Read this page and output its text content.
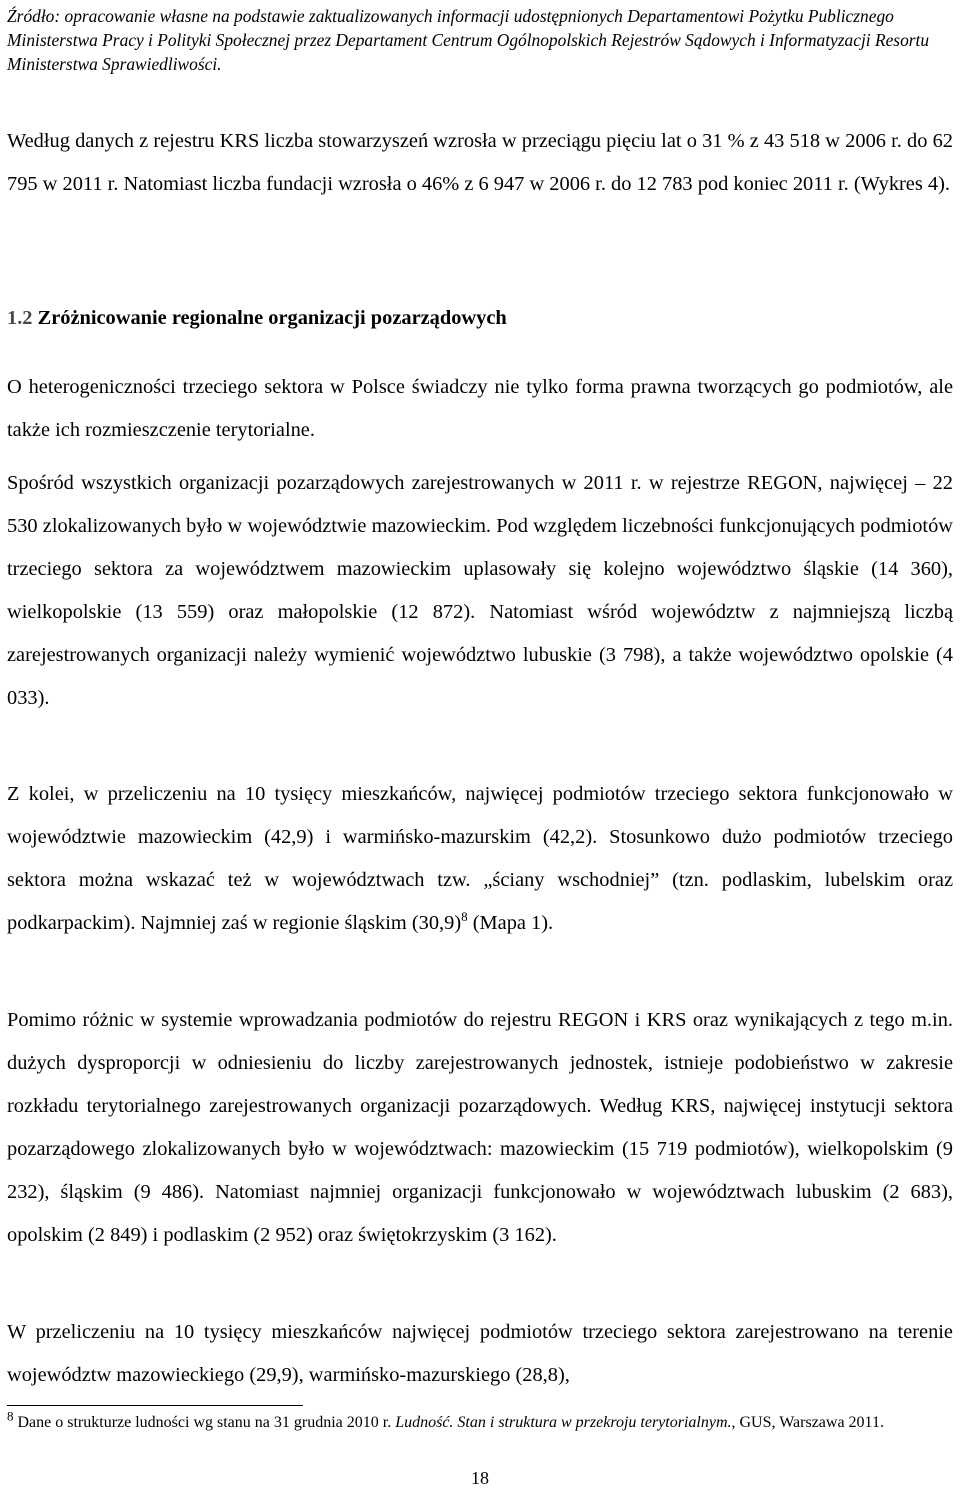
Źródło: opracowanie własne na podstawie zaktualizowanych informacji udostępnionych Departamentowi Pożytku Publicznego Ministerstwa Pracy i Polityki Społecznej przez Departament Centrum Ogólnopolskich Rejestrów Sądowych i Informatyzacji Resortu Ministerstwa Sprawiedliwości.

Według danych z rejestru KRS liczba stowarzyszeń wzrosła w przeciągu pięciu lat o 31 % z 43 518 w 2006 r. do 62 795 w 2011 r. Natomiast liczba fundacji wzrosła o 46% z 6 947 w 2006 r. do 12 783 pod koniec 2011 r. (Wykres 4).

1.2 Zróżnicowanie regionalne organizacji pozarządowych

O heterogeniczności trzeciego sektora w Polsce świadczy nie tylko forma prawna tworzących go podmiotów, ale także ich rozmieszczenie terytorialne.

Spośród wszystkich organizacji pozarządowych zarejestrowanych w 2011 r. w rejestrze REGON, najwięcej – 22 530 zlokalizowanych było w województwie mazowieckim. Pod względem liczebności funkcjonujących podmiotów trzeciego sektora za województwem mazowieckim uplasowały się kolejno województwo śląskie (14 360), wielkopolskie (13 559) oraz małopolskie (12 872). Natomiast wśród województw z najmniejszą liczbą zarejestrowanych organizacji należy wymienić województwo lubuskie (3 798), a także województwo opolskie (4 033).

Z kolei, w przeliczeniu na 10 tysięcy mieszkańców, najwięcej podmiotów trzeciego sektora funkcjonowało w województwie mazowieckim (42,9) i warmińsko-mazurskim (42,2). Stosunkowo dużo podmiotów trzeciego sektora można wskazać też w województwach tzw. „ściany wschodniej” (tzn. podlaskim, lubelskim oraz podkarpackim). Najmniej zaś w regionie śląskim $(30,9)^8$ (Mapa 1).

Pomimo różnic w systemie wprowadzania podmiotów do rejestru REGON i KRS oraz wynikających z tego m.in. dużych dysproporcji w odniesieniu do liczby zarejestrowanych jednostek, istnieje podobieństwo w zakresie rozkładu terytorialnego zarejestrowanych organizacji pozarządowych. Według KRS, najwięcej instytucji sektora pozarządowego zlokalizowanych było w województwach: mazowieckim (15 719 podmiotów), wielkopolskim (9 232), śląskim (9 486). Natomiast najmniej organizacji funkcjonowało w województwach lubuskim (2 683), opolskim (2 849) i podlaskim (2 952) oraz świętokrzyskim (3 162).

W przeliczeniu na 10 tysięcy mieszkańców najwięcej podmiotów trzeciego sektora zarejestrowano na terenie województw mazowieckiego (29,9), warmińsko-mazurskiego (28,8),

$^8$ Dane o strukturze ludności wg stanu na 31 grudnia 2010 r. Ludność. Stan i struktura w przekroju terytorialnym., GUS, Warszawa 2011.

18
